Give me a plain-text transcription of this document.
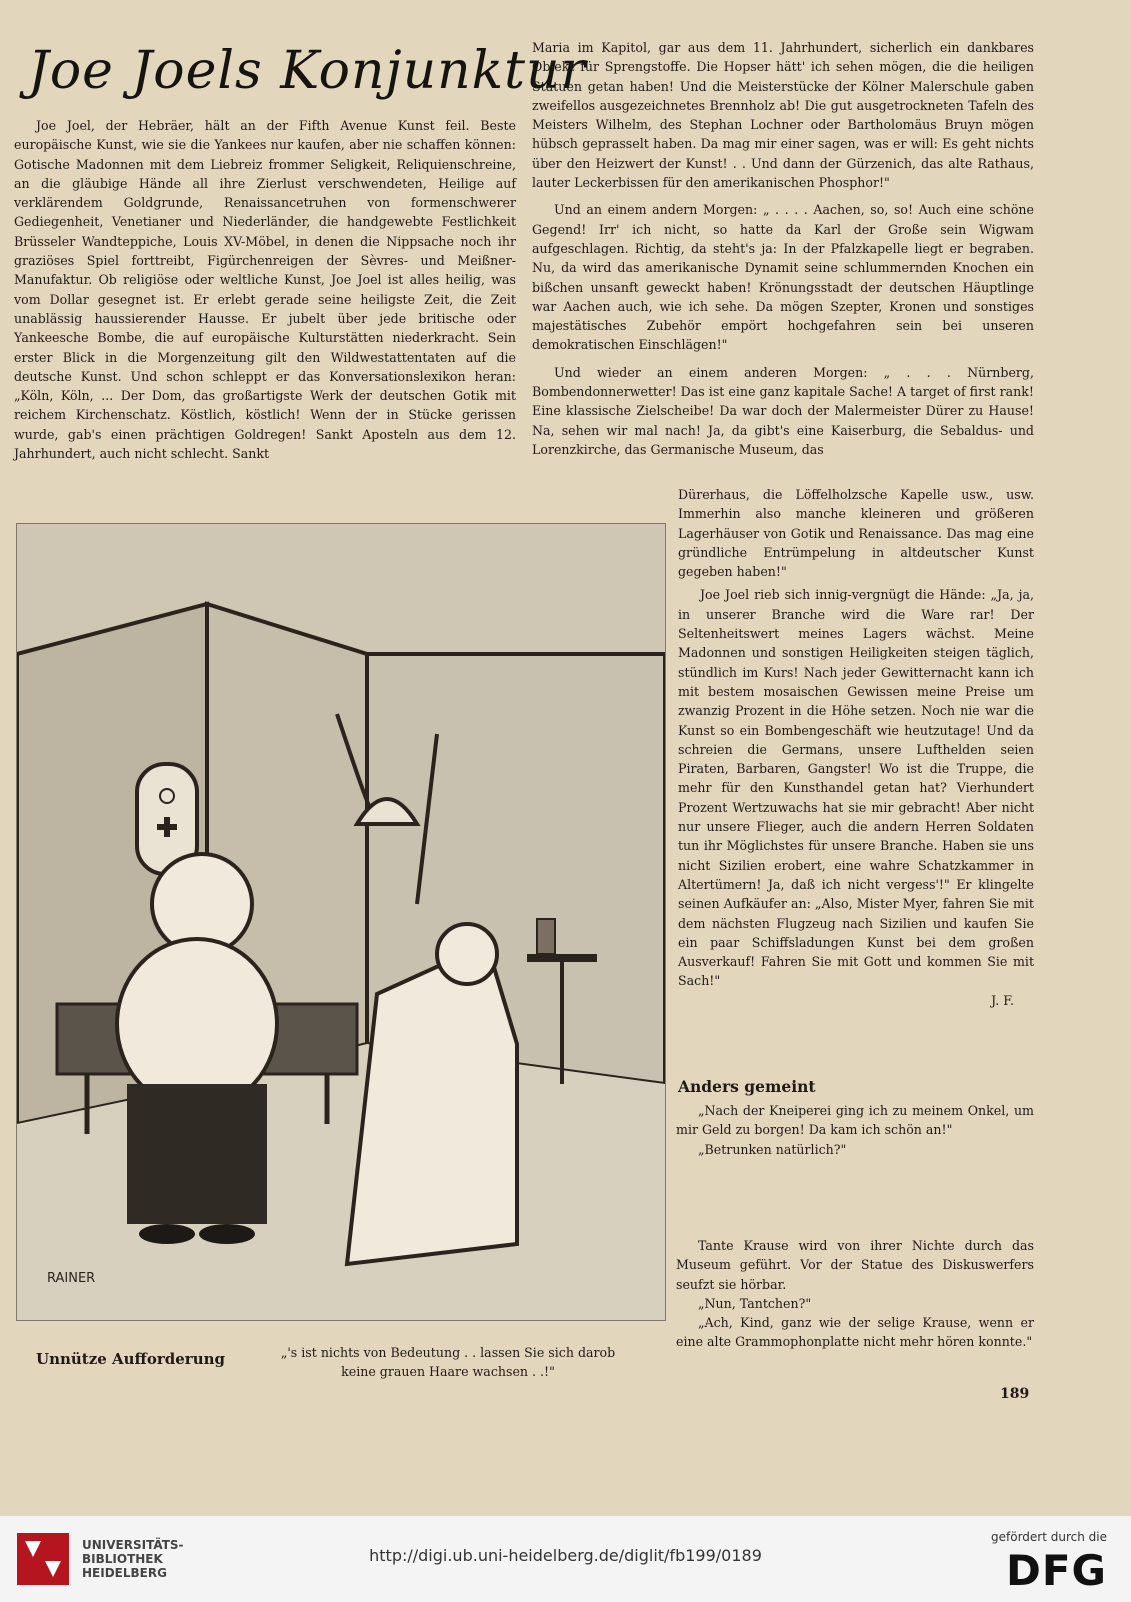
Joe Joels Konjunktur

Joe Joel, der Hebräer, hält an der Fifth Avenue Kunst feil. Beste europäische Kunst, wie sie die Yankees nur kaufen, aber nie schaffen können: Gotische Madonnen mit dem Liebreiz frommer Seligkeit, Reliquienschreine, an die gläubige Hände all ihre Zierlust verschwendeten, Heilige auf verklärendem Goldgrunde, Renaissancetruhen von formenschwerer Gediegenheit, Venetianer und Niederländer, die handgewebte Festlichkeit Brüsseler Wandteppiche, Louis XV-Möbel, in denen die Nippsache noch ihr graziöses Spiel forttreibt, Figürchenreigen der Sèvres- und Meißner-Manufaktur. Ob religiöse oder weltliche Kunst, Joe Joel ist alles heilig, was vom Dollar gesegnet ist. Er erlebt gerade seine heiligste Zeit, die Zeit unablässig haussierender Hausse. Er jubelt über jede britische oder Yankeesche Bombe, die auf europäische Kulturstätten niederkracht. Sein erster Blick in die Morgenzeitung gilt den Wildwestattentaten auf die deutsche Kunst. Und schon schleppt er das Konversationslexikon heran: „Köln, Köln, ... Der Dom, das großartigste Werk der deutschen Gotik mit reichem Kirchenschatz. Köstlich, köstlich! Wenn der in Stücke gerissen wurde, gab's einen prächtigen Goldregen! Sankt Aposteln aus dem 12. Jahrhundert, auch nicht schlecht. Sankt

Maria im Kapitol, gar aus dem 11. Jahrhundert, sicherlich ein dankbares Objekt für Sprengstoffe. Die Hopser hätt' ich sehen mögen, die die heiligen Statuen getan haben! Und die Meisterstücke der Kölner Malerschule gaben zweifellos ausgezeichnetes Brennholz ab! Die gut ausgetrockneten Tafeln des Meisters Wilhelm, des Stephan Lochner oder Bartholomäus Bruyn mögen hübsch geprasselt haben. Da mag mir einer sagen, was er will: Es geht nichts über den Heizwert der Kunst! . . Und dann der Gürzenich, das alte Rathaus, lauter Leckerbissen für den amerikanischen Phosphor!"

Und an einem andern Morgen: „ . . . . Aachen, so, so! Auch eine schöne Gegend! Irr' ich nicht, so hatte da Karl der Große sein Wigwam aufgeschlagen. Richtig, da steht's ja: In der Pfalzkapelle liegt er begraben. Nu, da wird das amerikanische Dynamit seine schlummernden Knochen ein bißchen unsanft geweckt haben! Krönungsstadt der deutschen Häuptlinge war Aachen auch, wie ich sehe. Da mögen Szepter, Kronen und sonstiges majestätisches Zubehör empört hochgefahren sein bei unseren demokratischen Einschlägen!"

Und wieder an einem anderen Morgen: „ . . . Nürnberg, Bombendonnerwetter! Das ist eine ganz kapitale Sache! A target of first rank! Eine klassische Zielscheibe! Da war doch der Malermeister Dürer zu Hause! Na, sehen wir mal nach! Ja, da gibt's eine Kaiserburg, die Sebaldus- und Lorenzkirche, das Germanische Museum, das

Dürerhaus, die Löffelholzsche Kapelle usw., usw. Immerhin also manche kleineren und größeren Lagerhäuser von Gotik und Renaissance. Das mag eine gründliche Entrümpelung in altdeutscher Kunst gegeben haben!"

Joe Joel rieb sich innig-vergnügt die Hände: „Ja, ja, in unserer Branche wird die Ware rar! Der Seltenheitswert meines Lagers wächst. Meine Madonnen und sonstigen Heiligkeiten steigen täglich, stündlich im Kurs! Nach jeder Gewitternacht kann ich mit bestem mosaischen Gewissen meine Preise um zwanzig Prozent in die Höhe setzen. Noch nie war die Kunst so ein Bombengeschäft wie heutzutage! Und da schreien die Germans, unsere Lufthelden seien Piraten, Barbaren, Gangster! Wo ist die Truppe, die mehr für den Kunsthandel getan hat? Vierhundert Prozent Wertzuwachs hat sie mir gebracht! Aber nicht nur unsere Flieger, auch die andern Herren Soldaten tun ihr Möglichstes für unsere Branche. Haben sie uns nicht Sizilien erobert, eine wahre Schatzkammer in Altertümern! Ja, daß ich nicht vergess'!" Er klingelte seinen Aufkäufer an: „Also, Mister Myer, fahren Sie mit dem nächsten Flugzeug nach Sizilien und kaufen Sie ein paar Schiffsladungen Kunst bei dem großen Ausverkauf! Fahren Sie mit Gott und kommen Sie mit Sach!"

J. F.

Anders gemeint

„Nach der Kneiperei ging ich zu meinem Onkel, um mir Geld zu borgen! Da kam ich schön an!"

„Betrunken natürlich?"

Tante Krause wird von ihrer Nichte durch das Museum geführt. Vor der Statue des Diskuswerfers seufzt sie hörbar.

„Nun, Tantchen?"

„Ach, Kind, ganz wie der selige Krause, wenn er eine alte Grammophonplatte nicht mehr hören konnte."

RAINER
Unnütze Aufforderung	„'s ist nichts von Bedeutung . . lassen Sie sich darob keine grauen Haare wachsen . .!"
189
UNIVERSITÄTS-
BIBLIOTHEK
HEIDELBERG
http://digi.ub.uni-heidelberg.de/diglit/fb199/0189
gefördert durch die
DFG
